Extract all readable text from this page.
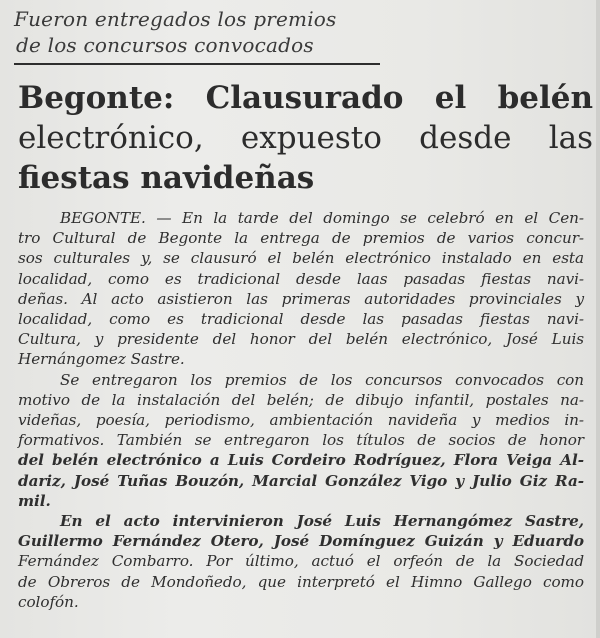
Fueron entregados los premios
de los concursos convocados
Begonte: Clausurado el belén
electrónico, expuesto desde las
fiestas navideñas

BEGONTE. — En la tarde del domingo se celebró en el Cen-
tro Cultural de Begonte la entrega de premios de varios concur-
sos culturales y, se clausuró el belén electrónico instalado en esta
localidad, como es tradicional desde laas pasadas fiestas navi-
deñas. Al acto asistieron las primeras autoridades provinciales y
localidad, como es tradicional desde las pasadas fiestas navi-
Cultura, y presidente del honor del belén electrónico, José Luis
Hernángomez Sastre.

Se entregaron los premios de los concursos convocados con
motivo de la instalación del belén; de dibujo infantil, postales na-
videñas, poesía, periodismo, ambientación navideña y medios in-
formativos. También se entregaron los títulos de socios de honor
del belén electrónico a Luis Cordeiro Rodríguez, Flora Veiga Al-
dariz, José Tuñas Bouzón, Marcial González Vigo y Julio Giz Ra-
mil.

En el acto intervinieron José Luis Hernangómez Sastre,
Guillermo Fernández Otero, José Domínguez Guizán y Eduardo
Fernández Combarro. Por último, actuó el orfeón de la Sociedad
de Obreros de Mondoñedo, que interpretó el Himno Gallego como
colofón.
